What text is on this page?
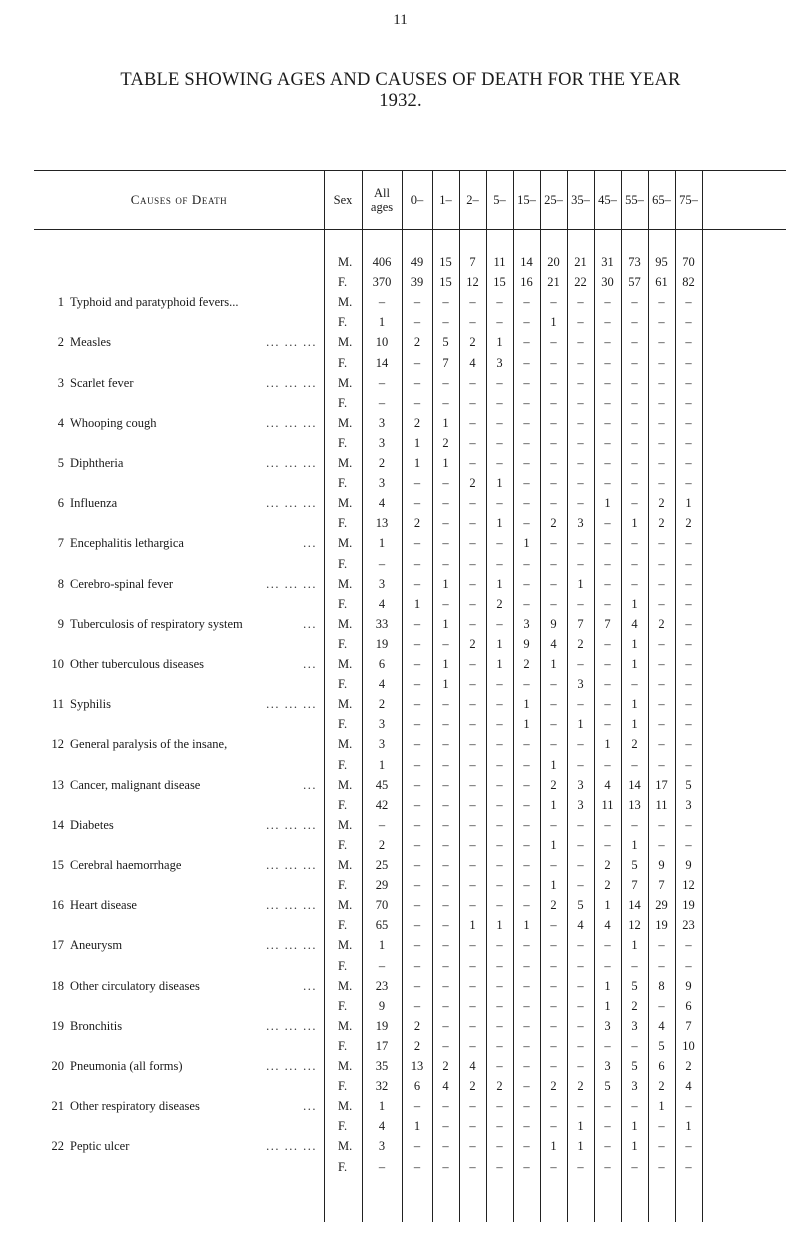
11
TABLE SHOWING AGES AND CAUSES OF DEATH FOR THE YEAR
1932.
Causes of Death	Sex	All ages	0–	1–	2–	5– 15– 25– 35– 45– 55– 65– 75–
M.	406	49	15	7	11	14	20	21	31	73	95	70
F.	370	39	15	12	15	16	21	22	30	57	61	82
1 Typhoid and paratyphoid fevers...	M.	–	–	–	–	–	–	–	–	–	–	–	–
F.	1	–	–	–	–	–	1	–	–	–	–	–
2 Measles	... ... ... M.	10	2	5	2	1	–	–	–	–	–	–	–
F.	14	–	7	4	3	–	–	–	–	–	–	–
3 Scarlet fever	... ... ... M.	–	–	–	–	–	–	–	–	–	–	–	–
F.	–	–	–	–	–	–	–	–	–	–	–	–
4 Whooping cough	... ... ... M.	3	2	1	–	–	–	–	–	–	–	–	–
F.	3	1	2	–	–	–	–	–	–	–	–	–
5 Diphtheria	... ... ... M.	2	1	1	–	–	–	–	–	–	–	–	–
F.	3	–	–	2	1	–	–	–	–	–	–	–
6 Influenza	... ... ... M.	4	–	–	–	–	–	–	–	1	–	2	1
F.	13	2	–	–	1	–	2	3	–	1	2	2
7 Encephalitis lethargica	... M.	1	–	–	–	–	1	–	–	–	–	–	–
F.	–	–	–	–	–	–	–	–	–	–	–	–
8 Cerebro-spinal fever	... ... ... M.	3	–	1	–	1	–	–	1	–	–	–	–
F.	4	1	–	–	2	–	–	–	–	1	–	–
9 Tuberculosis of respiratory system	... M.	33	–	1	–	–	3	9	7	7	4	2	–
F.	19	–	–	2	1	9	4	2	–	1	–	–
10 Other tuberculous diseases	... M.	6	–	1	–	1	2	1	–	–	1	–	–
F.	4	–	1	–	–	–	–	3	–	–	–	–
11 Syphilis	... ... ... M.	2	–	–	–	–	1	–	–	–	1	–	–
F.	3	–	–	–	–	1	–	1	–	1	–	–
12 General paralysis of the insane,	M.	3	–	–	–	–	–	–	–	1	2	–	–
F.	1	–	–	–	–	–	1	–	–	–	–	–
13 Cancer, malignant disease	... M.	45	–	–	–	–	–	2	3	4	14	17	5
F.	42	–	–	–	–	–	1	3	11	13	11	3
14 Diabetes	... ... ... M.	–	–	–	–	–	–	–	–	–	–	–	–
F.	2	–	–	–	–	–	1	–	–	1	–	–
15 Cerebral haemorrhage	... ... ... M.	25	–	–	–	–	–	–	–	2	5	9	9
F.	29	–	–	–	–	–	1	–	2	7	7	12
16 Heart disease	... ... ... M.	70	–	–	–	–	–	2	5	1	14	29	19
F.	65	–	–	1	1	1	–	4	4	12	19	23
17 Aneurysm	... ... ... M.	1	–	–	–	–	–	–	–	–	1	–	–
F.	–	–	–	–	–	–	–	–	–	–	–	–
18 Other circulatory diseases	... M.	23	–	–	–	–	–	–	–	1	5	8	9
F.	9	–	–	–	–	–	–	–	1	2	–	6
19 Bronchitis	... ... ... M.	19	2	–	–	–	–	–	–	3	3	4	7
F.	17	2	–	–	–	–	–	–	–	–	5	10
20 Pneumonia (all forms)	... ... ... M.	35	13	2	4	–	–	–	–	3	5	6	2
F.	32	6	4	2	2	–	2	2	5	3	2	4
21 Other respiratory diseases	... M.	1	–	–	–	–	–	–	–	–	–	1	–
F.	4	1	–	–	–	–	–	1	–	1	–	1
22 Peptic ulcer	... ... ... M.	3	–	–	–	–	–	1	1	–	1	–	–
F.	–	–	–	–	–	–	–	–	–	–	–	–
